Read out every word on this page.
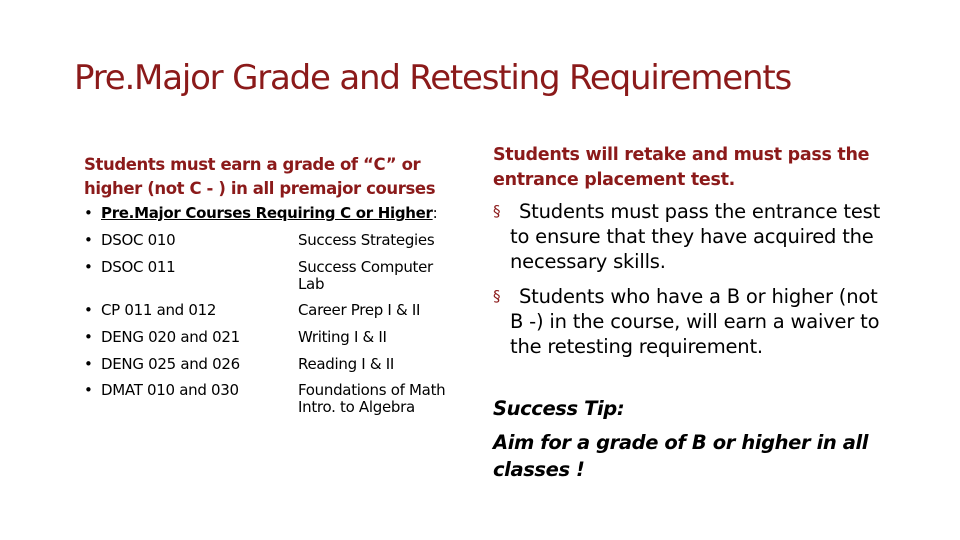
Pre.Major Grade and Retesting Requirements
Students must earn a grade of “C” or higher (not C - ) in all premajor courses
• Pre.Major Courses Requiring C or Higher:
• DSOC 010	Success Strategies
• DSOC 011	Success Computer Lab
• CP 011 and 012	Career Prep I & II
• DENG 020 and 021	Writing I & II
• DENG 025 and 026	Reading I & II
• DMAT 010 and 030	Foundations of Math Intro. to Algebra
Students will retake and must pass the entrance placement test.
§ Students must pass the entrance test to ensure that they have acquired the necessary skills.
§ Students who have a B or higher (not B -) in the course, will earn a waiver to the retesting requirement.
Success Tip:
Aim for a grade of B or higher in all classes !
